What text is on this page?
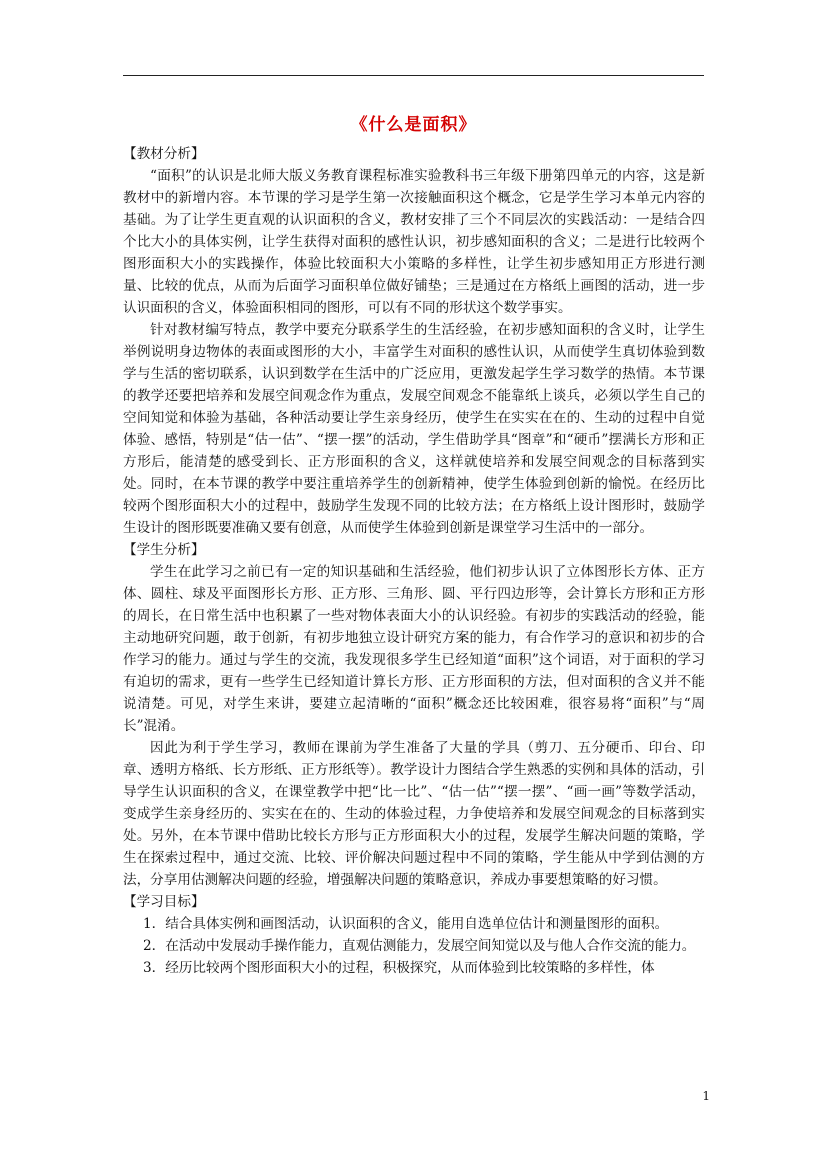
《什么是面积》
【教材分析】

“面积”的认识是北师大版义务教育课程标准实验教科书三年级下册第四单元的内容，这是新教材中的新增内容。本节课的学习是学生第一次接触面积这个概念，它是学生学习本单元内容的基础。为了让学生更直观的认识面积的含义，教材安排了三个不同层次的实践活动：一是结合四个比大小的具体实例，让学生获得对面积的感性认识，初步感知面积的含义；二是进行比较两个图形面积大小的实践操作，体验比较面积大小策略的多样性，让学生初步感知用正方形进行测量、比较的优点，从而为后面学习面积单位做好铺垫；三是通过在方格纸上画图的活动，进一步认识面积的含义，体验面积相同的图形，可以有不同的形状这个数学事实。

针对教材编写特点，教学中要充分联系学生的生活经验，在初步感知面积的含义时，让学生举例说明身边物体的表面或图形的大小，丰富学生对面积的感性认识，从而使学生真切体验到数学与生活的密切联系，认识到数学在生活中的广泛应用，更激发起学生学习数学的热情。本节课的教学还要把培养和发展空间观念作为重点，发展空间观念不能靠纸上谈兵，必须以学生自己的空间知觉和体验为基础，各种活动要让学生亲身经历，使学生在实实在在的、生动的过程中自觉体验、感悟，特别是“估一估”、“摆一摆”的活动，学生借助学具“图章”和“硬币”摆满长方形和正方形后，能清楚的感受到长、正方形面积的含义，这样就使培养和发展空间观念的目标落到实处。同时，在本节课的教学中要注重培养学生的创新精神，使学生体验到创新的愉悦。在经历比较两个图形面积大小的过程中，鼓励学生发现不同的比较方法；在方格纸上设计图形时，鼓励学生设计的图形既要准确又要有创意，从而使学生体验到创新是课堂学习生活中的一部分。

【学生分析】

学生在此学习之前已有一定的知识基础和生活经验，他们初步认识了立体图形长方体、正方体、圆柱、球及平面图形长方形、正方形、三角形、圆、平行四边形等，会计算长方形和正方形的周长，在日常生活中也积累了一些对物体表面大小的认识经验。有初步的实践活动的经验，能主动地研究问题，敢于创新，有初步地独立设计研究方案的能力，有合作学习的意识和初步的合作学习的能力。通过与学生的交流，我发现很多学生已经知道“面积”这个词语，对于面积的学习有迫切的需求，更有一些学生已经知道计算长方形、正方形面积的方法，但对面积的含义并不能说清楚。可见，对学生来讲，要建立起清晰的“面积”概念还比较困难，很容易将“面积”与“周长”混淆。

因此为利于学生学习，教师在课前为学生准备了大量的学具（剪刀、五分硬币、印台、印章、透明方格纸、长方形纸、正方形纸等）。教学设计力图结合学生熟悉的实例和具体的活动，引导学生认识面积的含义，在课堂教学中把“比一比”、“估一估”“摆一摆”、“画一画”等数学活动，变成学生亲身经历的、实实在在的、生动的体验过程，力争使培养和发展空间观念的目标落到实处。另外，在本节课中借助比较长方形与正方形面积大小的过程，发展学生解决问题的策略，学生在探索过程中，通过交流、比较、评价解决问题过程中不同的策略，学生能从中学到估测的方法，分享用估测解决问题的经验，增强解决问题的策略意识，养成办事要想策略的好习惯。

【学习目标】

1．结合具体实例和画图活动，认识面积的含义，能用自选单位估计和测量图形的面积。

2．在活动中发展动手操作能力，直观估测能力，发展空间知觉以及与他人合作交流的能力。

3．经历比较两个图形面积大小的过程，积极探究，从而体验到比较策略的多样性，体

1
